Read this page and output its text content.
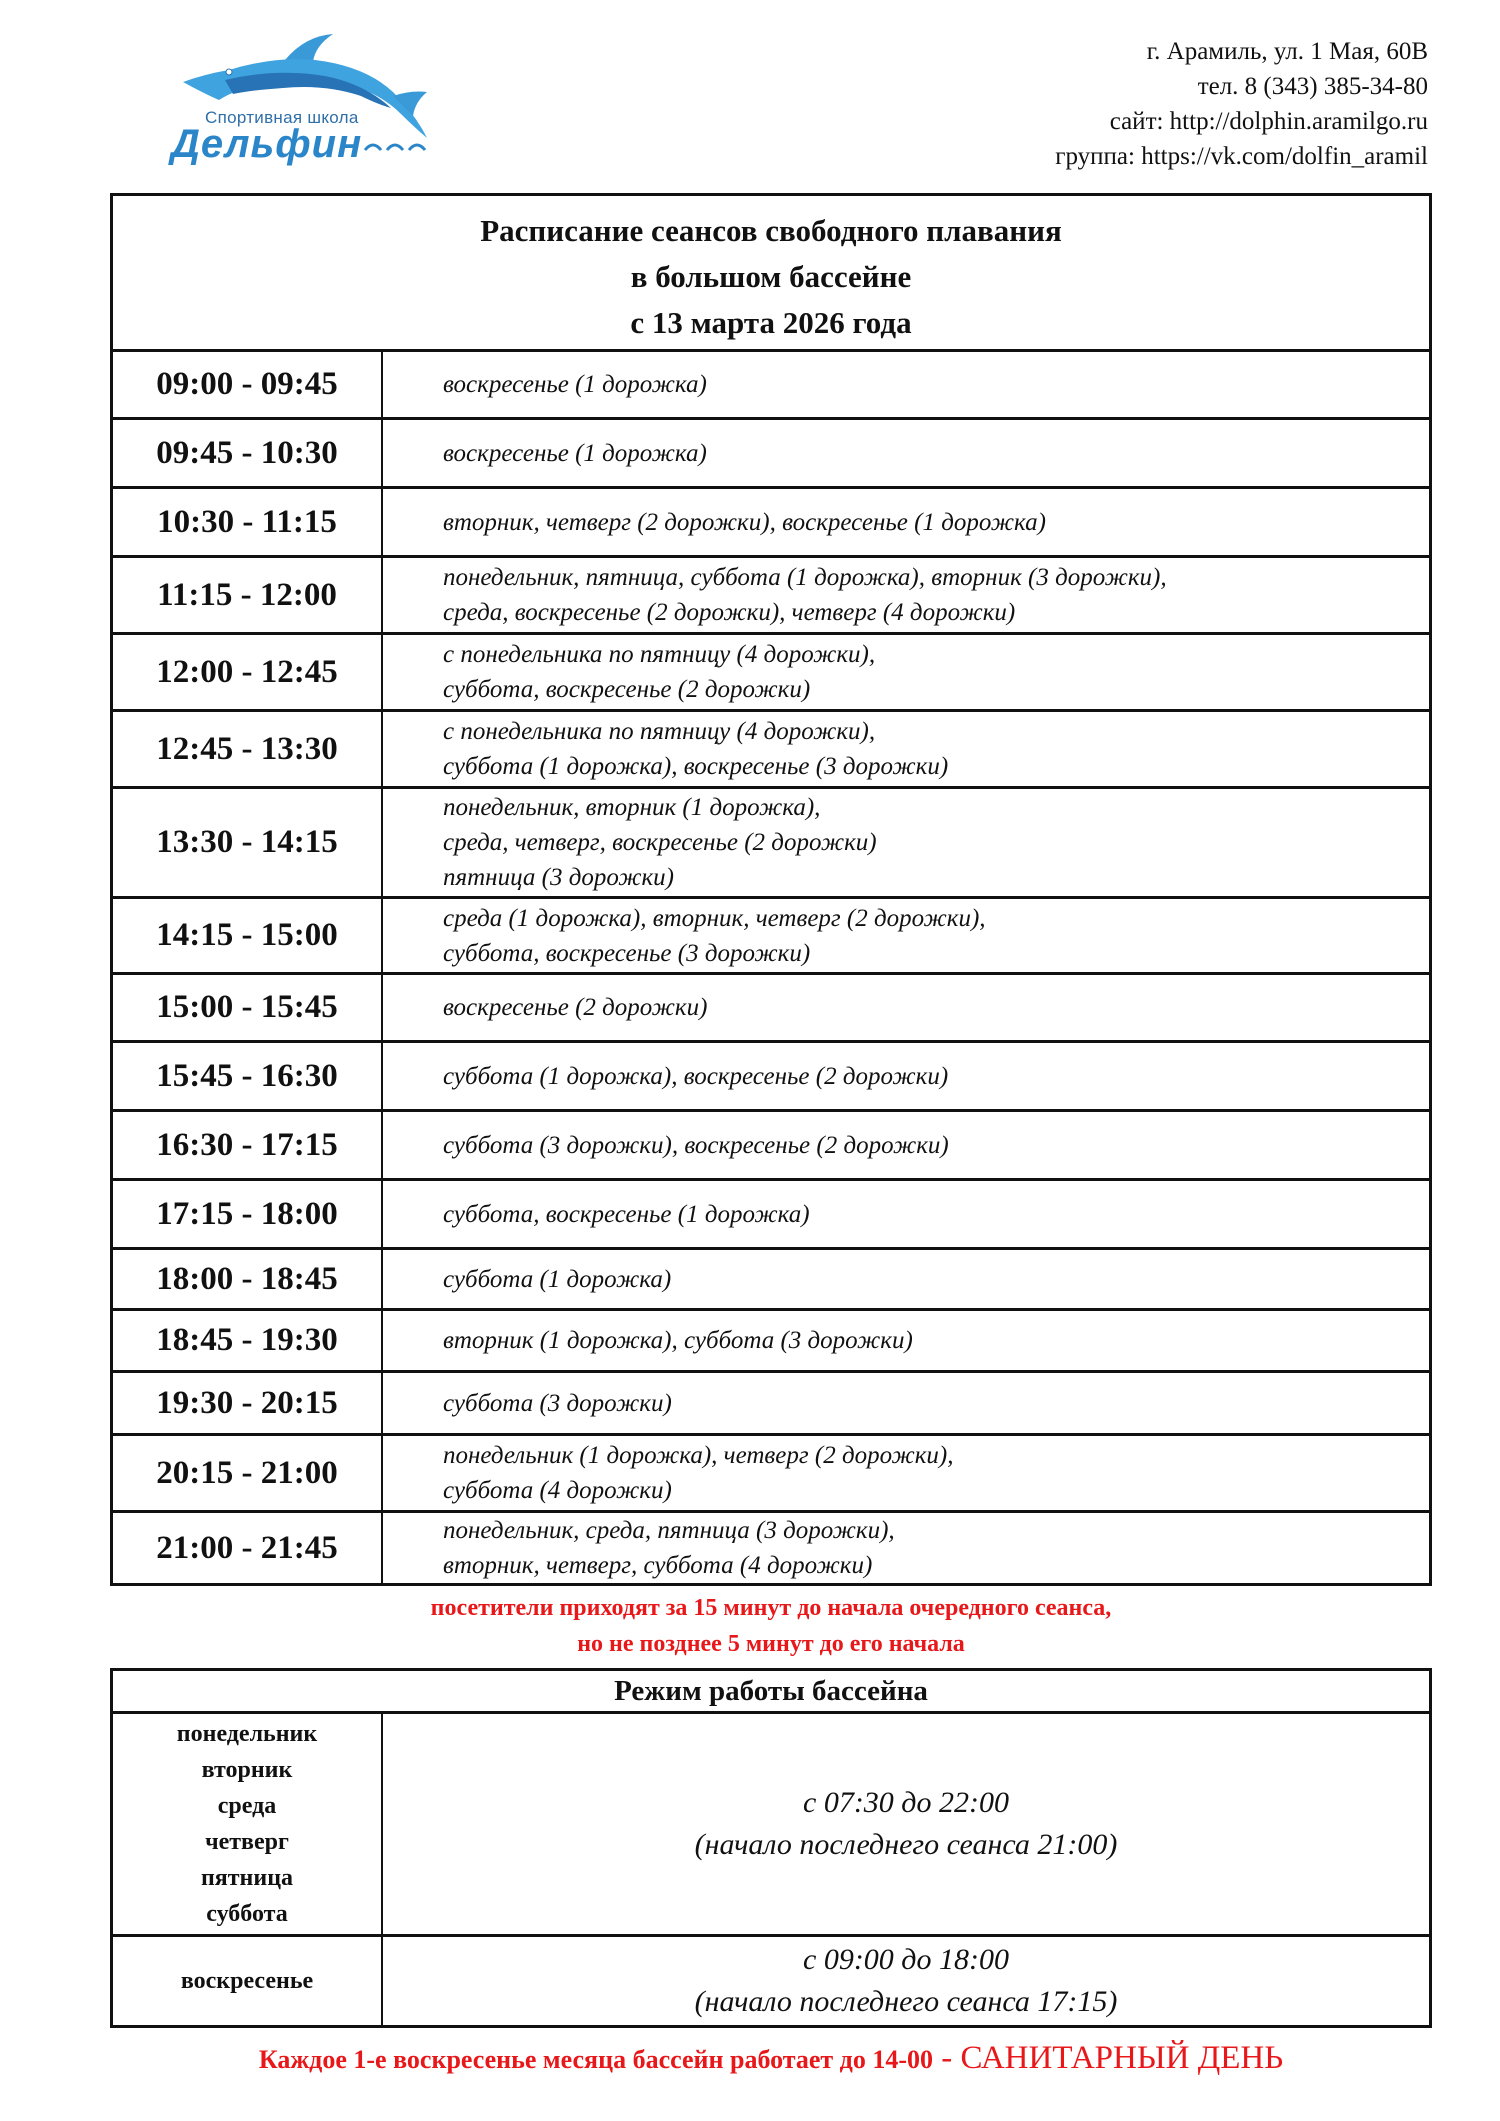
Спортивная школа
Дельфин
г. Арамиль, ул. 1 Мая, 60В
тел. 8 (343) 385-34-80
сайт: http://dolphin.aramilgo.ru
группа: https://vk.com/dolfin_aramil
Расписание сеансов свободного плавания
в большом бассейне
с 13 марта 2026 года
09:00 - 09:45	воскресенье (1 дорожка)
09:45 - 10:30	воскресенье (1 дорожка)
10:30 - 11:15	вторник, четверг (2 дорожки), воскресенье (1 дорожка)
11:15 - 12:00	понедельник, пятница, суббота (1 дорожка), вторник (3 дорожки),
среда, воскресенье (2 дорожки), четверг (4 дорожки)
12:00 - 12:45	с понедельника по пятницу (4 дорожки),
суббота, воскресенье (2 дорожки)
12:45 - 13:30	с понедельника по пятницу (4 дорожки),
суббота (1 дорожка), воскресенье (3 дорожки)
13:30 - 14:15
понедельник, вторник (1 дорожка),
среда, четверг, воскресенье (2 дорожки)
пятница (3 дорожки)
14:15 - 15:00	среда (1 дорожка), вторник, четверг (2 дорожки),
суббота, воскресенье (3 дорожки)
15:00 - 15:45	воскресенье (2 дорожки)
15:45 - 16:30	суббота (1 дорожка), воскресенье (2 дорожки)
16:30 - 17:15	суббота (3 дорожки), воскресенье (2 дорожки)
17:15 - 18:00	суббота, воскресенье (1 дорожка)
18:00 - 18:45	суббота (1 дорожка)
18:45 - 19:30	вторник (1 дорожка), суббота (3 дорожки)
19:30 - 20:15	суббота (3 дорожки)
20:15 - 21:00	понедельник (1 дорожка), четверг (2 дорожки),
суббота (4 дорожки)
21:00 - 21:45	понедельник, среда, пятница (3 дорожки),
вторник, четверг, суббота (4 дорожки)
посетители приходят за 15 минут до начала очередного сеанса,
но не позднее 5 минут до его начала
Режим работы бассейна
понедельник
вторник
среда
четверг
пятница
суббота
с 07:30 до 22:00
(начало последнего сеанса 21:00)
воскресенье
с 09:00 до 18:00
(начало последнего сеанса 17:15)
Каждое 1-е воскресенье месяца бассейн работает до 14-00 - САНИТАРНЫЙ ДЕНЬ
